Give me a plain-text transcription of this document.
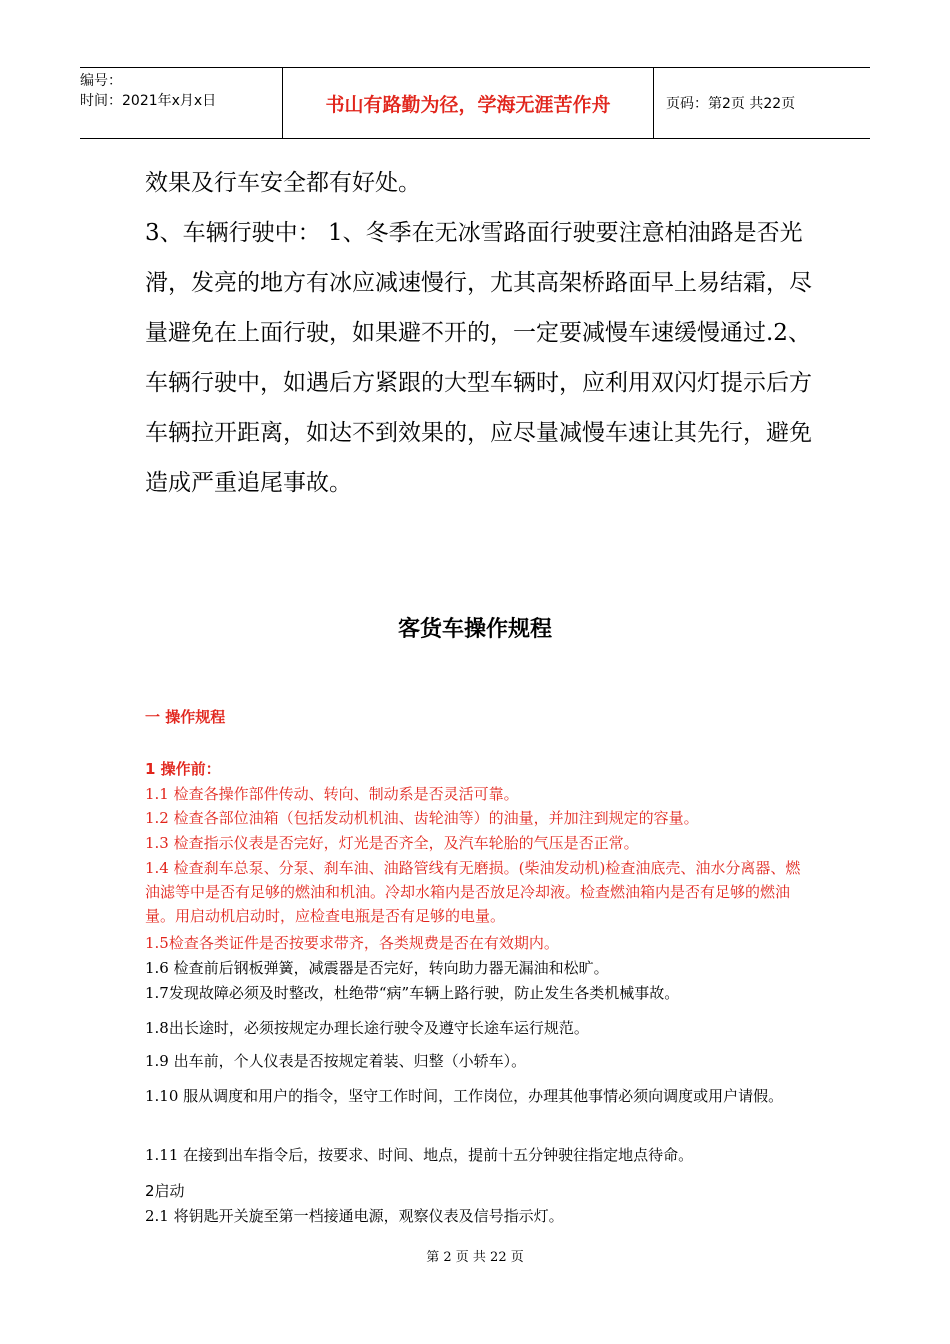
编号：
时间：2021年x月x日	书山有路勤为径，学海无涯苦作舟	页码：第2页 共22页
效果及行车安全都有好处。
3、车辆行驶中： 1、冬季在无冰雪路面行驶要注意柏油路是否光滑，发亮的地方有冰应减速慢行，尤其高架桥路面早上易结霜，尽量避免在上面行驶，如果避不开的，一定要减慢车速缓慢通过.2、车辆行驶中，如遇后方紧跟的大型车辆时，应利用双闪灯提示后方车辆拉开距离，如达不到效果的，应尽量减慢车速让其先行，避免造成严重追尾事故。
客货车操作规程
一 操作规程
1 操作前：
1.1 检查各操作部件传动、转向、制动系是否灵活可靠。
1.2 检查各部位油箱（包括发动机机油、齿轮油等）的油量，并加注到规定的容量。
1.3 检查指示仪表是否完好，灯光是否齐全，及汽车轮胎的气压是否正常。
1.4 检查刹车总泵、分泵、刹车油、油路管线有无磨损。(柴油发动机)检查油底壳、油水分离器、燃油滤等中是否有足够的燃油和机油。冷却水箱内是否放足冷却液。检查燃油箱内是否有足够的燃油量。用启动机启动时，应检查电瓶是否有足够的电量。
1.5检查各类证件是否按要求带齐，各类规费是否在有效期内。
1.6 检查前后钢板弹簧，减震器是否完好，转向助力器无漏油和松旷。
1.7发现故障必须及时整改，杜绝带“病”车辆上路行驶，防止发生各类机械事故。
1.8出长途时，必须按规定办理长途行驶令及遵守长途车运行规范。
1.9 出车前，个人仪表是否按规定着装、归整（小轿车）。
1.10 服从调度和用户的指令，坚守工作时间，工作岗位，办理其他事情必须向调度或用户请假。
1.11 在接到出车指令后，按要求、时间、地点，提前十五分钟驶往指定地点待命。
2启动
2.1 将钥匙开关旋至第一档接通电源，观察仪表及信号指示灯。
第 2 页 共 22 页
